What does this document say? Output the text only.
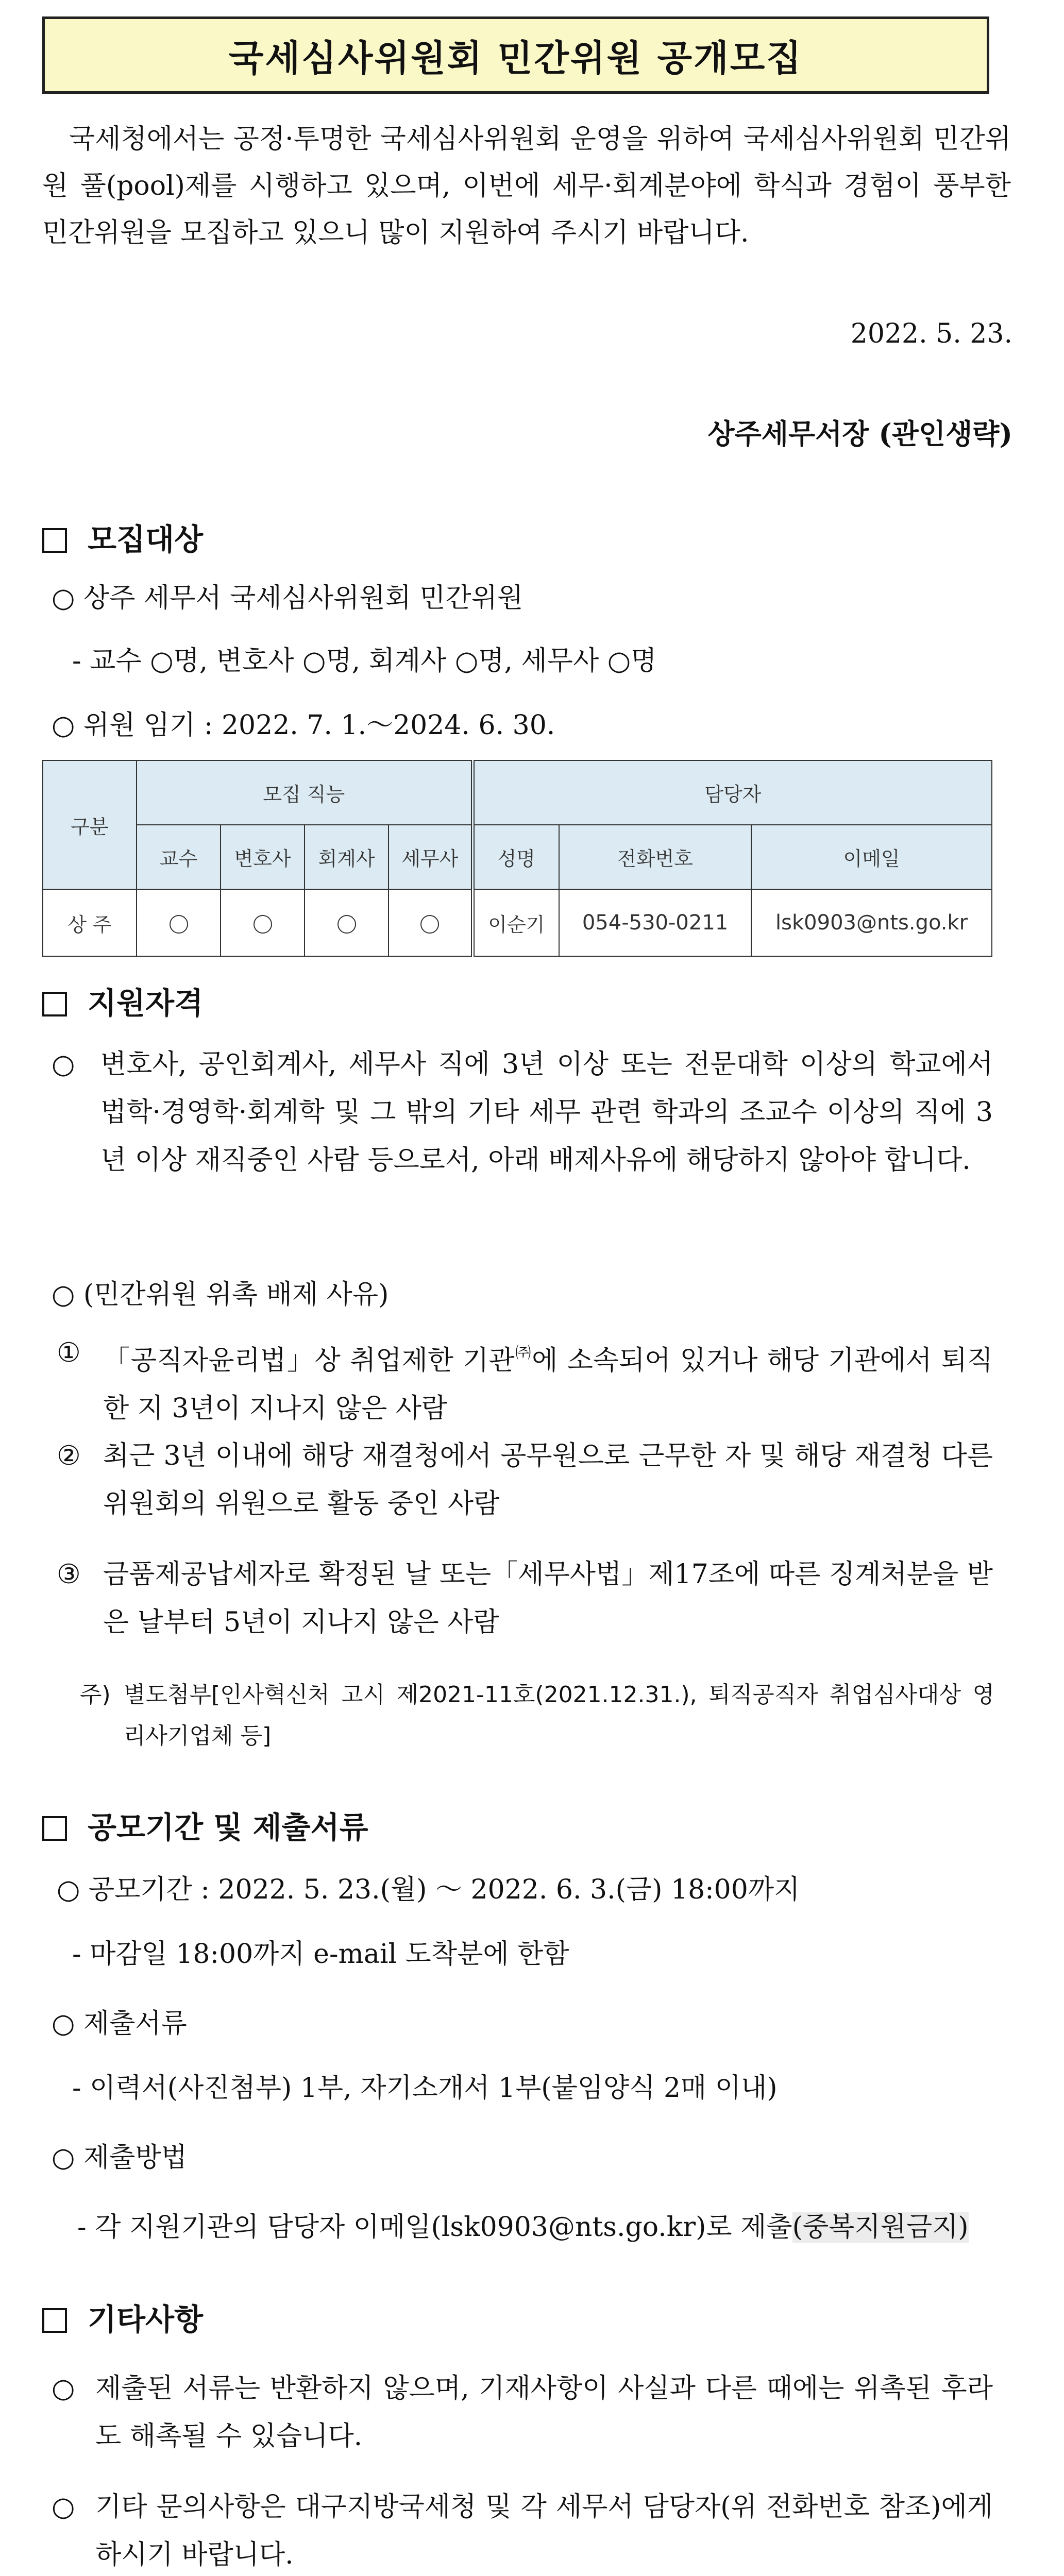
국세심사위원회 민간위원 공개모집
국세청에서는 공정·투명한 국세심사위원회 운영을 위하여 국세심사위원회 민간위원 풀(pool)제를 시행하고 있으며, 이번에 세무·회계분야에 학식과 경험이 풍부한 민간위원을 모집하고 있으니 많이 지원하여 주시기 바랍니다.
2022. 5. 23.
상주세무서장 (관인생략)
모집대상
○ 상주 세무서 국세심사위원회 민간위원
- 교수 ○명, 변호사 ○명, 회계사 ○명, 세무사 ○명
○ 위원 임기 : 2022. 7. 1.～2024. 6. 30.
구분	모집 직능				담당자		
	교수	변호사	회계사	세무사	성명	전화번호	이메일
상 주					이순기	054-530-0211	lsk0903@nts.go.kr
지원자격
○ 변호사, 공인회계사, 세무사 직에 3년 이상 또는 전문대학 이상의 학교에서 법학·경영학·회계학 및 그 밖의 기타 세무 관련 학과의 조교수 이상의 직에 3년 이상 재직중인 사람 등으로서, 아래 배제사유에 해당하지 않아야 합니다.
○ (민간위원 위촉 배제 사유)
① 「공직자윤리법」상 취업제한 기관㈜에 소속되어 있거나 해당 기관에서 퇴직한 지 3년이 지나지 않은 사람
② 최근 3년 이내에 해당 재결청에서 공무원으로 근무한 자 및 해당 재결청 다른 위원회의 위원으로 활동 중인 사람
③ 금품제공납세자로 확정된 날 또는「세무사법」제17조에 따른 징계처분을 받은 날부터 5년이 지나지 않은 사람
주) 별도첨부[인사혁신처 고시 제2021-11호(2021.12.31.), 퇴직공직자 취업심사대상 영리사기업체 등]
공모기간 및 제출서류
○ 공모기간 : 2022. 5. 23.(월) ～ 2022. 6. 3.(금) 18:00까지
- 마감일 18:00까지 e-mail 도착분에 한함
○ 제출서류
- 이력서(사진첨부) 1부, 자기소개서 1부(붙임양식 2매 이내)
○ 제출방법
- 각 지원기관의 담당자 이메일(lsk0903@nts.go.kr)로 제출(중복지원금지)
기타사항
○ 제출된 서류는 반환하지 않으며, 기재사항이 사실과 다른 때에는 위촉된 후라도 해촉될 수 있습니다.
○ 기타 문의사항은 대구지방국세청 및 각 세무서 담당자(위 전화번호 참조)에게 하시기 바랍니다.
